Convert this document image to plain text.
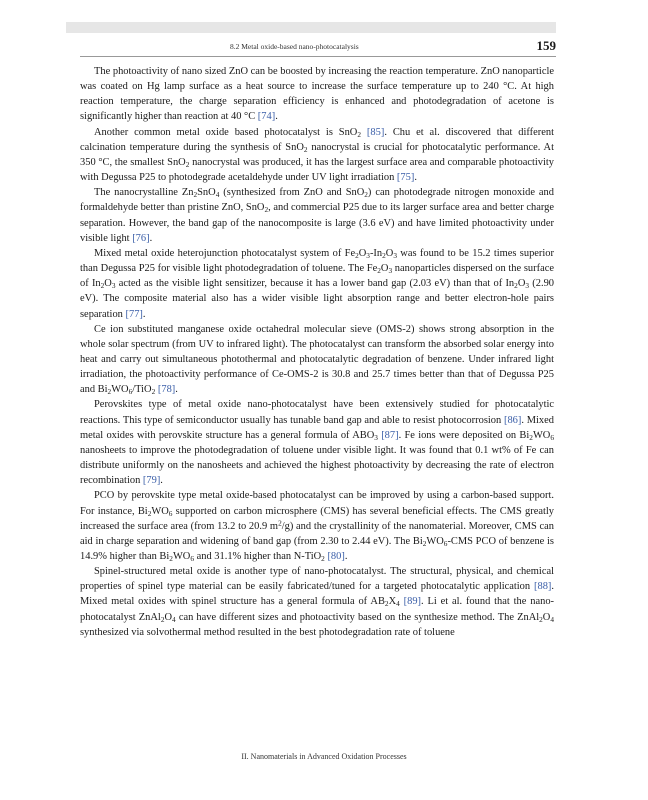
8.2 Metal oxide-based nano-photocatalysis	159

The photoactivity of nano sized ZnO can be boosted by increasing the reaction temperature. ZnO nanoparticle was coated on Hg lamp surface as a heat source to increase the surface temperature up to 240 °C. At high reaction temperature, the charge separation efficiency is enhanced and photodegradation of acetone is significantly higher than reaction at 40 °C [74].

Another common metal oxide based photocatalyst is SnO$_2$ [85]. Chu et al. discovered that different calcination temperature during the synthesis of SnO$_2$ nanocrystal is crucial for photocatalytic performance. At 350 °C, the smallest SnO$_2$ nanocrystal was produced, it has the largest surface area and comparable photoactivity with Degussa P25 to photodegrade acetaldehyde under UV light irradiation [75].

The nanocrystalline $Zn_2SnO_4$ (synthesized from ZnO and SnO$_2$) can photodegrade nitrogen monoxide and formaldehyde better than pristine ZnO, SnO$_2$, and commercial P25 due to its larger surface area and better charge separation. However, the band gap of the nanocomposite is large (3.6 eV) and have limited photoactivity under visible light [76].

Mixed metal oxide heterojunction photocatalyst system of $Fe_2O_3-In_2O_3$ was found to be 15.2 times superior than Degussa P25 for visible light photodegradation of toluene. The $Fe_2O_3$ nanoparticles dispersed on the surface of $In_2O_3$ acted as the visible light sensitizer, because it has a lower band gap (2.03 eV) than that of $In_2O_3$ (2.90 eV). The composite material also has a wider visible light absorption range and better electron-hole pairs separation [77].

Ce ion substituted manganese oxide octahedral molecular sieve (OMS-2) shows strong absorption in the whole solar spectrum (from UV to infrared light). The photocatalyst can transform the absorbed solar energy into heat and carry out simultaneous photothermal and photocatalytic degradation of benzene. Under infrared light irradiation, the photoactivity performance of Ce-OMS-2 is 30.8 and 25.7 times better than that of Degussa P25 and $Bi_2WO_6/TiO_2$ [78].

Perovskites type of metal oxide nano-photocatalyst have been extensively studied for photocatalytic reactions. This type of semiconductor usually has tunable band gap and able to resist photocorrosion [86]. Mixed metal oxides with perovskite structure has a general formula of $ABO_3$ [87]. Fe ions were deposited on $Bi_2WO_6$ nanosheets to improve the photodegradation of toluene under visible light. It was found that 0.1 wt% of Fe can distribute uniformly on the nanosheets and achieved the highest photoactivity by decreasing the rate of electron recombination [79].

PCO by perovskite type metal oxide-based photocatalyst can be improved by using a carbon-based support. For instance, $Bi_2WO_6$ supported on carbon microsphere (CMS) has several beneficial effects. The CMS greatly increased the surface area (from 13.2 to 20.9 $m^2/g$) and the crystallinity of the nanomaterial. Moreover, CMS can aid in charge separation and widening of band gap (from 2.30 to 2.44 eV). The $Bi_2WO_6$-CMS PCO of benzene is 14.9% higher than $Bi_2WO_6$ and 31.1% higher than N-TiO$_2$ [80].

Spinel-structured metal oxide is another type of nano-photocatalyst. The structural, physical, and chemical properties of spinel type material can be easily fabricated/tuned for a targeted photocatalytic application [88]. Mixed metal oxides with spinel structure has a general formula of $AB_2X_4$ [89]. Li et al. found that the nano-photocatalyst $ZnAl_2O_4$ can have different sizes and photoactivity based on the synthesize method. The $ZnAl_2O_4$ synthesized via solvothermal method resulted in the best photodegradation rate of toluene

II. Nanomaterials in Advanced Oxidation Processes
